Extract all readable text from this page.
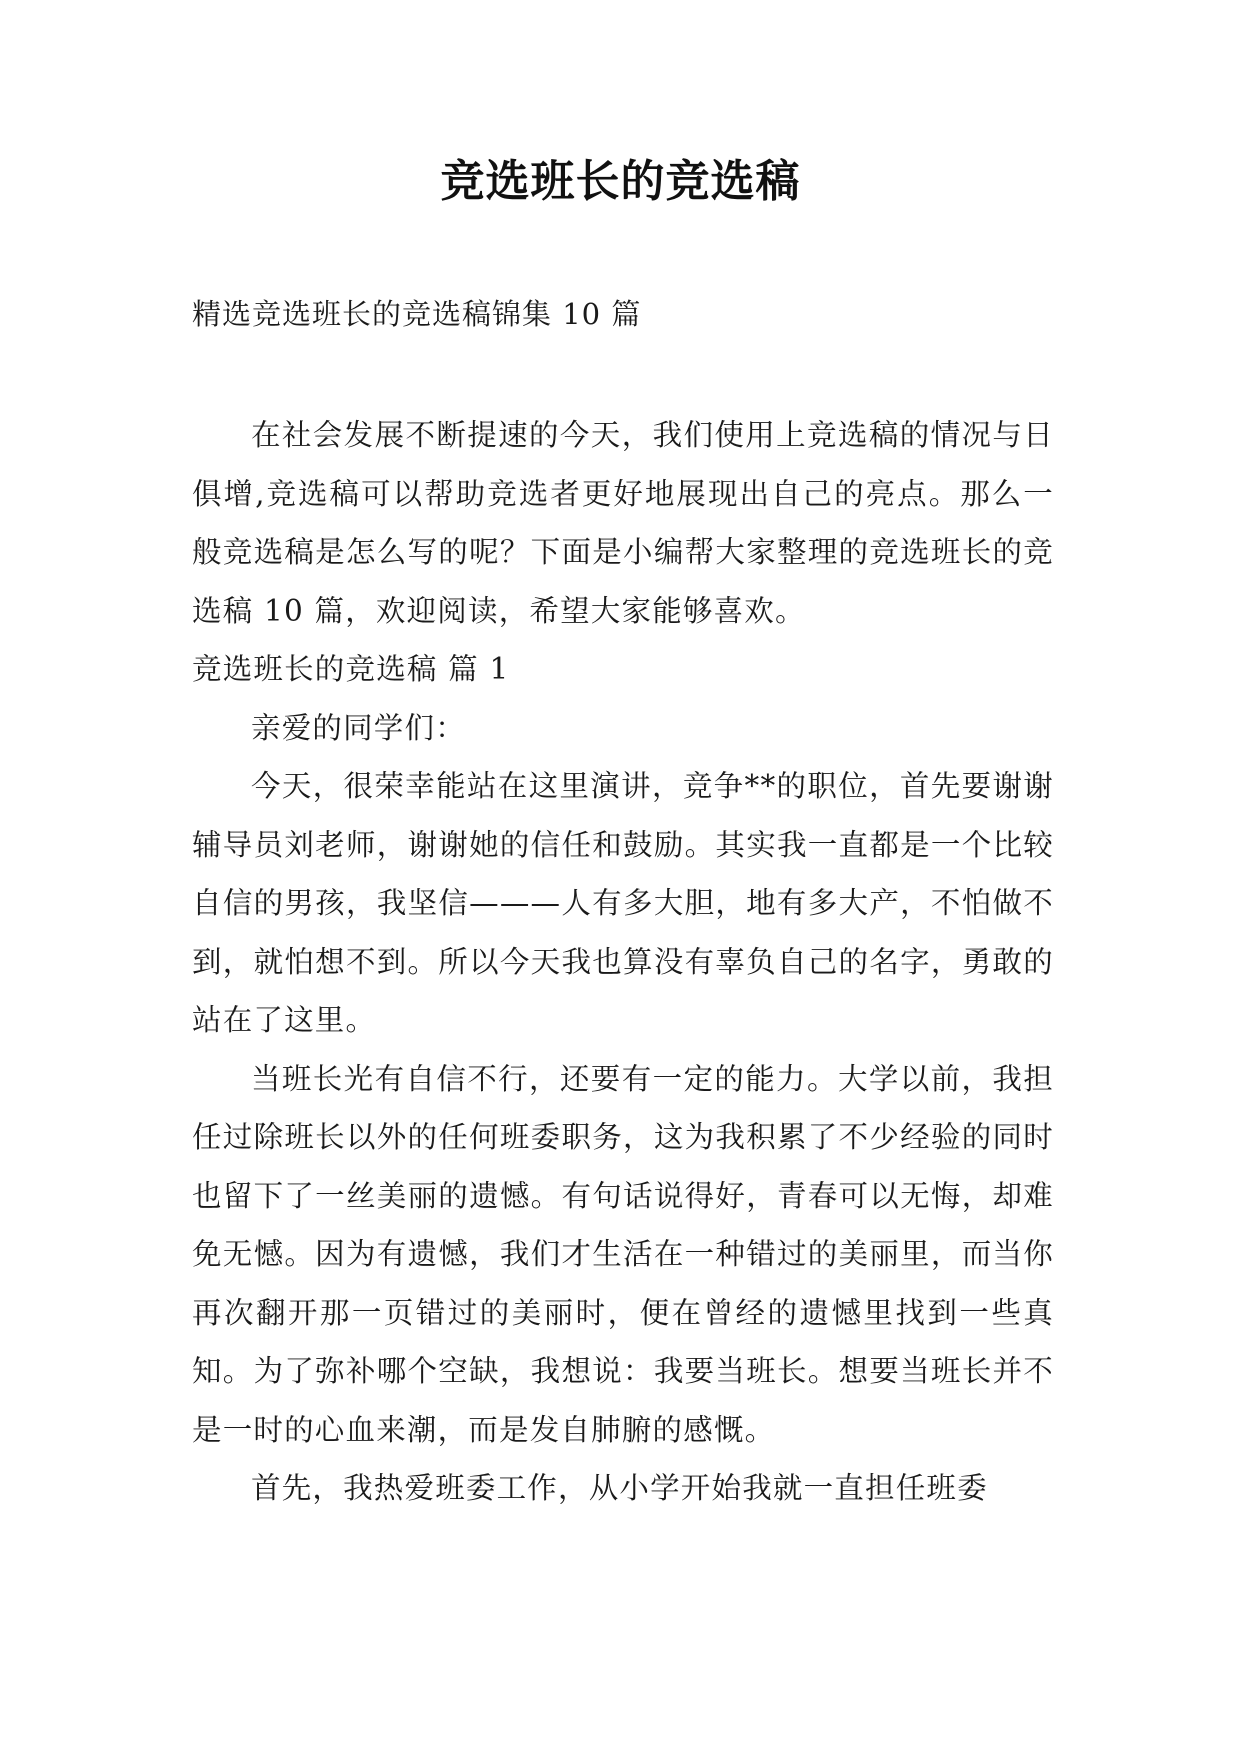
竞选班长的竞选稿
精选竞选班长的竞选稿锦集 10 篇

在社会发展不断提速的今天，我们使用上竞选稿的情况与日俱增,竞选稿可以帮助竞选者更好地展现出自己的亮点。那么一般竞选稿是怎么写的呢？下面是小编帮大家整理的竞选班长的竞选稿 10 篇，欢迎阅读，希望大家能够喜欢。

竞选班长的竞选稿 篇 1

亲爱的同学们：

今天，很荣幸能站在这里演讲，竞争**的职位，首先要谢谢辅导员刘老师，谢谢她的信任和鼓励。其实我一直都是一个比较自信的男孩，我坚信———人有多大胆，地有多大产，不怕做不到，就怕想不到。所以今天我也算没有辜负自己的名字，勇敢的站在了这里。

当班长光有自信不行，还要有一定的能力。大学以前，我担任过除班长以外的任何班委职务，这为我积累了不少经验的同时也留下了一丝美丽的遗憾。有句话说得好，青春可以无悔，却难免无憾。因为有遗憾，我们才生活在一种错过的美丽里，而当你再次翻开那一页错过的美丽时，便在曾经的遗憾里找到一些真知。为了弥补哪个空缺，我想说：我要当班长。想要当班长并不是一时的心血来潮，而是发自肺腑的感慨。

首先，我热爱班委工作，从小学开始我就一直担任班委
